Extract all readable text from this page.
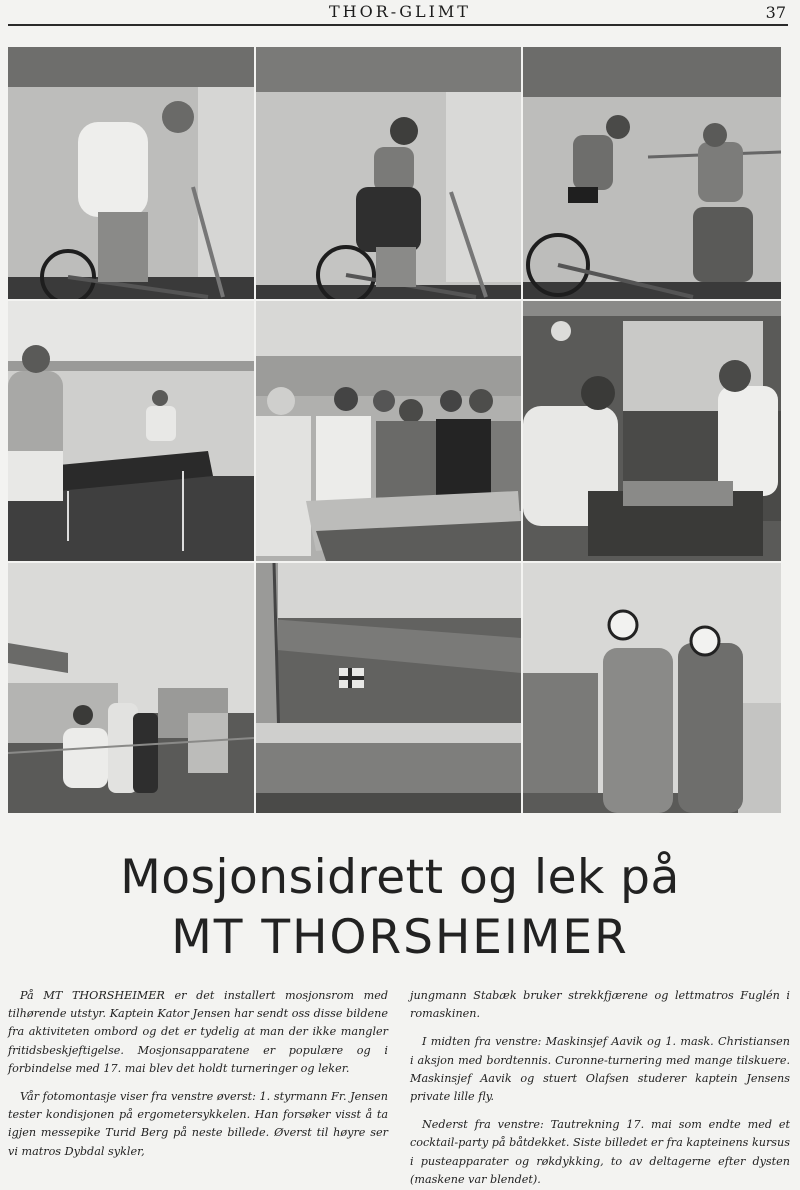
THOR-GLIMT	37
Mosjonsidrett og lek på
MT THORSHEIMER

På MT THORSHEIMER er det installert mosjonsrom med tilhørende utstyr. Kaptein Kator Jensen har sendt oss disse bildene fra aktiviteten ombord og det er tydelig at man der ikke mangler fritidsbeskjeftigelse. Mosjonsapparatene er populære og i forbindelse med 17. mai blev det holdt turneringer og leker.

Vår fotomontasje viser fra venstre øverst: 1. styrmann Fr. Jensen tester kondisjonen på ergometersykkelen. Han forsøker visst å ta igjen messepike Turid Berg på neste billede. Øverst til høyre ser vi matros Dybdal sykler,

jungmann Stabæk bruker strekkfjærene og lettmatros Fuglén i romaskinen.

I midten fra venstre: Maskinsjef Aavik og 1. mask. Christiansen i aksjon med bordtennis. Curonne-turnering med mange tilskuere. Maskinsjef Aavik og stuert Olafsen studerer kaptein Jensens private lille fly.

Nederst fra venstre: Tautrekning 17. mai som endte med et cocktail-party på båtdekket. Siste billedet er fra kapteinens kursus i pusteapparater og røkdykking, to av deltagerne efter dysten (maskene var blendet).
